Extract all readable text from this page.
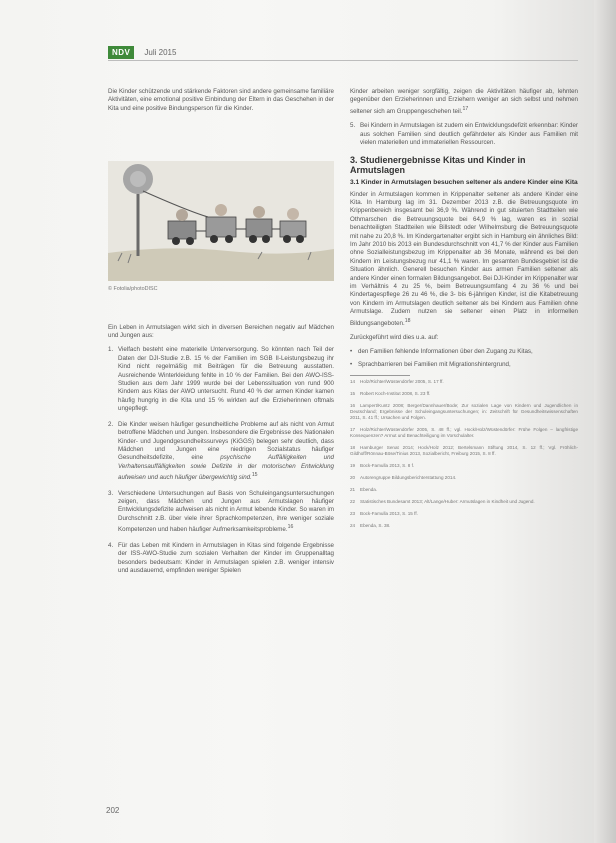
NDV	Juli 2015

Die Kinder schützende und stärkende Faktoren sind andere gemeinsame familiäre Aktivitäten, eine emotional positive Einbindung der Eltern in das Geschehen in der Kita und eine positive Bindungsperson für die Kinder.

© Fotolia/photoDISC

Ein Leben in Armutslagen wirkt sich in diversen Bereichen negativ auf Mädchen und Jungen aus:

1. Vielfach besteht eine materielle Unterversorgung. So könnten nach Teil der Daten der DJI-Studie z.B. 15 % der Familien im SGB II-Leistungsbezug ihr Kind nicht regelmäßig mit Beiträgen für die Betreuung ausstatten. Ausreichende Winterkleidung fehlte in 10 % der Familien. Bei den AWO-ISS-Studien aus dem Jahr 1999 wurde bei der Lebenssituation von rund 900 Kindern aus Kitas der AWO untersucht. Rund 40 % der armen Kinder kamen häufig hungrig in die Kita und 15 % wirkten auf die Erzieherinnen oftmals ungepflegt.
2. Die Kinder weisen häufiger gesundheitliche Probleme auf als nicht von Armut betroffene Mädchen und Jungen. Insbesondere die Ergebnisse des Nationalen Kinder- und Jugendgesundheitssurveys (KiGGS) belegen sehr deutlich, dass Mädchen und Jungen eine niedrigen Sozialstatus häufiger Gesundheitsdefizite, eine psychische Auffälligkeiten und Verhaltensauffälligkeiten sowie Defizite in der motorischen Entwicklung aufweisen und auch häufiger übergewichtig sind.$^{15}$
3. Verschiedene Untersuchungen auf Basis von Schuleingangsuntersuchungen zeigen, dass Mädchen und Jungen aus Armutslagen häufiger Entwicklungsdefizite aufweisen als nicht in Armut lebende Kinder. So waren im Durchschnitt z.B. über viele ihrer Sprachkompetenzen, ihre weniger soziale Kompetenzen und haben häufiger Aufmerksamkeitsprobleme.$^{16}$
4. Für das Leben mit Kindern in Armutslagen in Kitas sind folgende Ergebnisse der ISS-AWO-Studie zum sozialen Verhalten der Kinder im Gruppenalltag besonders bedeutsam: Kinder in Armutslagen spielen z.B. weniger intensiv und ausdauernd, empfinden weniger Spielen

Kinder arbeiten weniger sorgfältig, zeigen die Aktivitäten häufiger ab, lehnten gegenüber den Erzieherinnen und Erziehern weniger an sich selbst und nehmen seltener sich am Gruppengeschehen teil.$^{17}$

5. Bei Kindern in Armutslagen ist zudem ein Entwicklungsdefizit erkennbar: Kinder aus solchen Familien sind deutlich gefährdeter als Kinder aus Familien mit vielen materiellen und immateriellen Ressourcen.
3. Studienergebnisse Kitas und Kinder in Armutslagen
3.1 Kinder in Armutslagen besuchen seltener als andere Kinder eine Kita

Kinder in Armutslagen kommen in Krippenalter seltener als andere Kinder eine Kita. In Hamburg lag im 31. Dezember 2013 z.B. die Betreuungsquote im Krippenbereich insgesamt bei 36,9 %. Während in gut situierten Stadtteilen wie Othmarschen die Betreuungsquote bei 64,9 % lag, waren es in sozial benachteiligten Stadtteilen wie Billstedt oder Wilhelmsburg die Betreuungsquote mit nahe zu 20,8 %. Im Kindergartenalter ergibt sich in Hamburg ein ähnliches Bild: Im Jahr 2010 bis 2013 ein Bundesdurchschnitt von 41,7 % der Kinder aus Familien ohne Sozialleistungsbezug im Krippenalter ab 36 Monate, während es bei den Kindern im Leistungsbezug nur 41,1 % waren. Im gesamten Bundesgebiet ist die Situation ähnlich. Generell besuchen Kinder aus armen Familien seltener als andere Kinder einen formalen Bildungsangebot. Bei DJI-Kinder im Krippenalter war im Verhältnis 4 zu 25 %, beim Betreuungsumfang 4 zu 36 % und bei Kindertagespflege 26 zu 46 %, die 3- bis 6-jährigen Kinder, ist die Kitabetreuung von Kindern im Armutslagen deutlich seltener als bei Kindern aus Familien ohne Armutslage. Zudem nutzen sie seltener einen Platz in informellen Bildungsangeboten.$^{18}$

Zurückgeführt wird dies u.a. auf:

• den Familien fehlende Informationen über den Zugang zu Kitas,
• Sprachbarrieren bei Familien mit Migrationshintergrund,

14 Holz/Richter/Wüstendörfer 2005, S. 17 ff.

15 Robert Koch-Institut 2008, S. 23 ff.

16 Lampert/Kuntz 2008; Berger/Dannhauer/Bode; Zur sozialen Lage von Kindern und Jugendlichen in Deutschland; Ergebnisse der Schuleingangsuntersuchungen; in: Zeitschrift für Gesundheitswissenschaften 2011, S. 41 ff.; Ursachen und Folgen.

17 Holz/Richter/Wüstendörfer 2005, S. 48 ff.; vgl. Hock/Holz/Wüstendörfer: Frühe Folgen – langfristige Konsequenzen? Armut und Benachteiligung im Vorschulalter.

18 Hamburger Senat 2014; Hock/Holz 2012; Bertelsmann Stiftung 2014, S. 12 ff.; Vgl. Fröhlich-Gildhoff/Rönnau-Böse/Tinius 2013, Sozialbericht, Freiburg 2015, S. 8 ff.

19 Bock-Famulla 2013, S. 8 f.

20 Autorengruppe Bildungsberichterstattung 2014.

21 Ebenda.

22 Statistisches Bundesamt 2013; Alt/Lange/Huber: Armutslagen in Kindheit und Jugend.

23 Bock-Famulla 2013, S. 15 ff.

24 Ebenda, S. 38.

202
